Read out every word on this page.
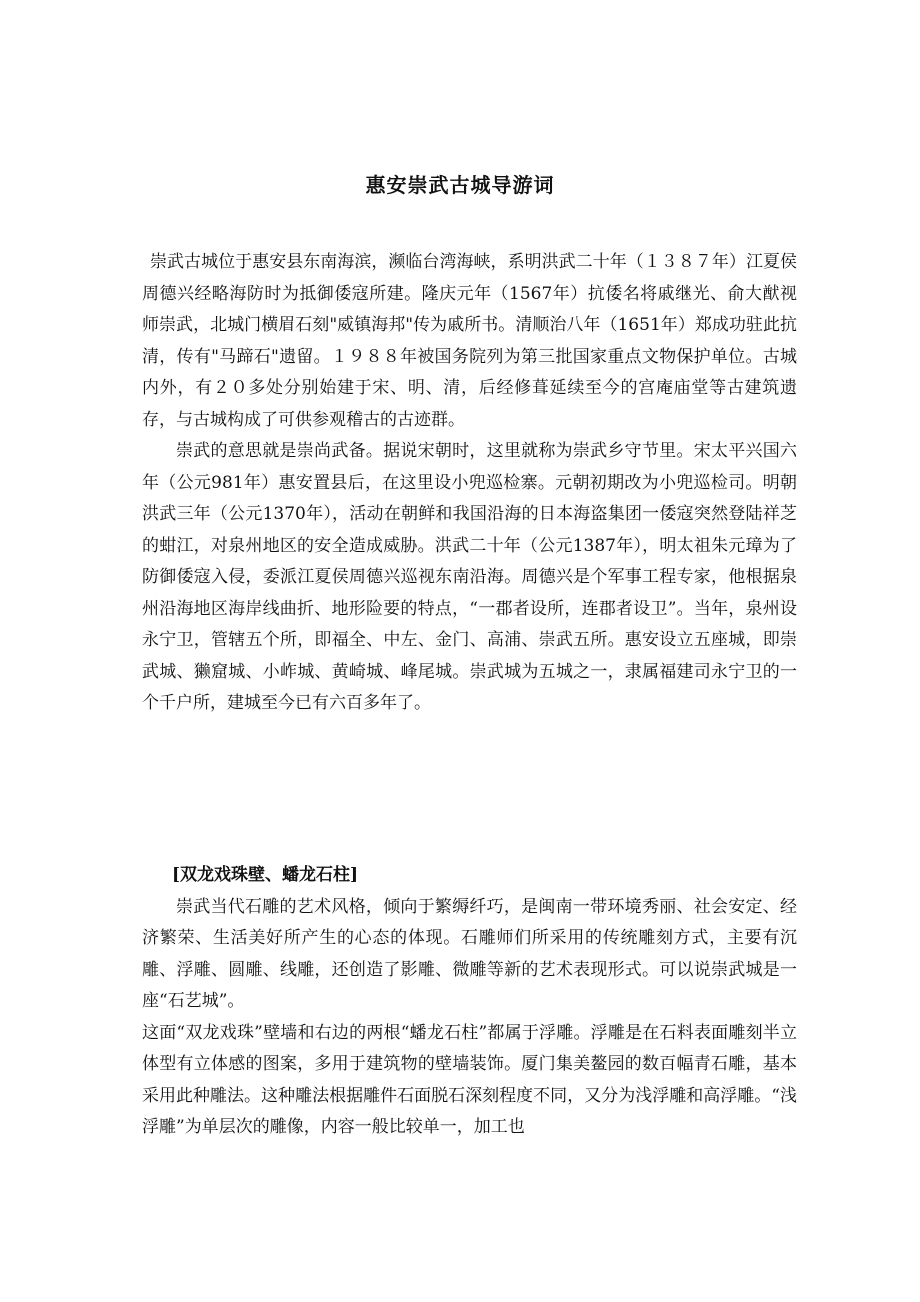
惠安崇武古城导游词

崇武古城位于惠安县东南海滨，濒临台湾海峡，系明洪武二十年（１３８７年）江夏侯周德兴经略海防时为抵御倭寇所建。隆庆元年（1567年）抗倭名将戚继光、俞大猷视师崇武，北城门横眉石刻"威镇海邦"传为戚所书。清顺治八年（1651年）郑成功驻此抗清，传有"马蹄石"遗留。１９８８年被国务院列为第三批国家重点文物保护单位。古城内外，有２０多处分别始建于宋、明、清，后经修葺延续至今的宫庵庙堂等古建筑遗存，与古城构成了可供参观稽古的古迹群。

崇武的意思就是崇尚武备。据说宋朝时，这里就称为崇武乡守节里。宋太平兴国六年（公元981年）惠安置县后，在这里设小兜巡检寨。元朝初期改为小兜巡检司。明朝洪武三年（公元1370年），活动在朝鲜和我国沿海的日本海盗集团一倭寇突然登陆祥芝的蚶江，对泉州地区的安全造成威胁。洪武二十年（公元1387年），明太祖朱元璋为了防御倭寇入侵，委派江夏侯周德兴巡视东南沿海。周德兴是个军事工程专家，他根据泉州沿海地区海岸线曲折、地形险要的特点，“一郡者设所，连郡者设卫”。当年，泉州设永宁卫，管辖五个所，即福全、中左、金门、高浦、崇武五所。惠安设立五座城，即崇武城、獭窟城、小岞城、黄崎城、峰尾城。崇武城为五城之一，隶属福建司永宁卫的一个千户所，建城至今已有六百多年了。

[双龙戏珠壁、蟠龙石柱]

崇武当代石雕的艺术风格，倾向于繁缛纤巧，是闽南一带环境秀丽、社会安定、经济繁荣、生活美好所产生的心态的体现。石雕师们所采用的传统雕刻方式，主要有沉雕、浮雕、圆雕、线雕，还创造了影雕、微雕等新的艺术表现形式。可以说崇武城是一座“石艺城”。

这面“双龙戏珠”壁墙和右边的两根“蟠龙石柱”都属于浮雕。浮雕是在石料表面雕刻半立体型有立体感的图案，多用于建筑物的壁墙装饰。厦门集美鳌园的数百幅青石雕，基本采用此种雕法。这种雕法根据雕件石面脱石深刻程度不同，又分为浅浮雕和高浮雕。“浅浮雕”为单层次的雕像，内容一般比较单一，加工也
